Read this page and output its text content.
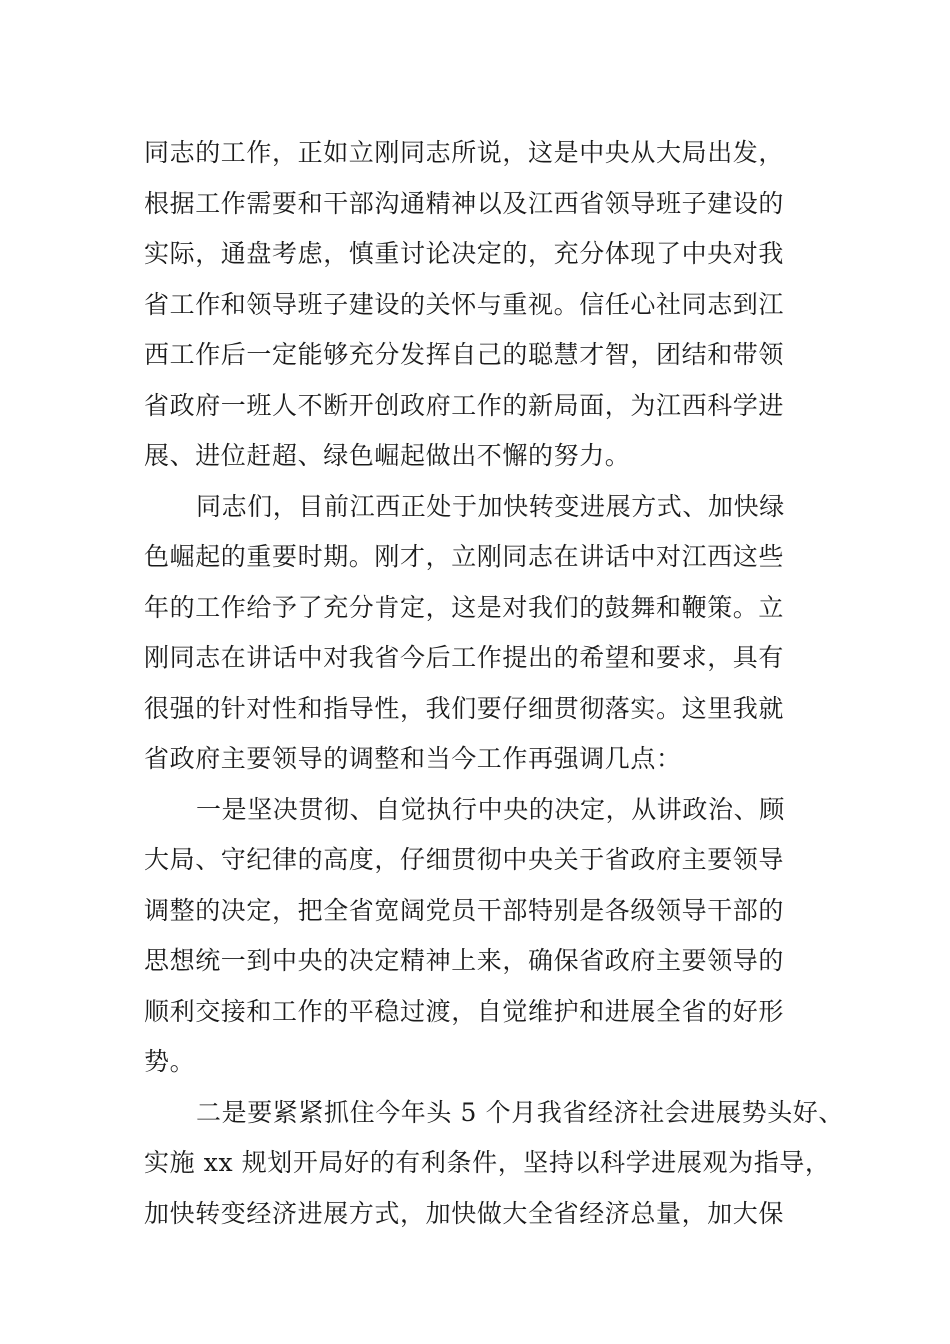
同志的工作，正如立刚同志所说，这是中央从大局出发，
根据工作需要和干部沟通精神以及江西省领导班子建设的
实际，通盘考虑，慎重讨论决定的，充分体现了中央对我
省工作和领导班子建设的关怀与重视。信任心社同志到江
西工作后一定能够充分发挥自己的聪慧才智，团结和带领
省政府一班人不断开创政府工作的新局面，为江西科学进
展、进位赶超、绿色崛起做出不懈的努力。
同志们，目前江西正处于加快转变进展方式、加快绿
色崛起的重要时期。刚才，立刚同志在讲话中对江西这些
年的工作给予了充分肯定，这是对我们的鼓舞和鞭策。立
刚同志在讲话中对我省今后工作提出的希望和要求，具有
很强的针对性和指导性，我们要仔细贯彻落实。这里我就
省政府主要领导的调整和当今工作再强调几点：
一是坚决贯彻、自觉执行中央的决定，从讲政治、顾
大局、守纪律的高度，仔细贯彻中央关于省政府主要领导
调整的决定，把全省宽阔党员干部特别是各级领导干部的
思想统一到中央的决定精神上来，确保省政府主要领导的
顺利交接和工作的平稳过渡，自觉维护和进展全省的好形
势。
二是要紧紧抓住今年头 5 个月我省经济社会进展势头好、
实施 xx 规划开局好的有利条件，坚持以科学进展观为指导，
加快转变经济进展方式，加快做大全省经济总量，加大保
